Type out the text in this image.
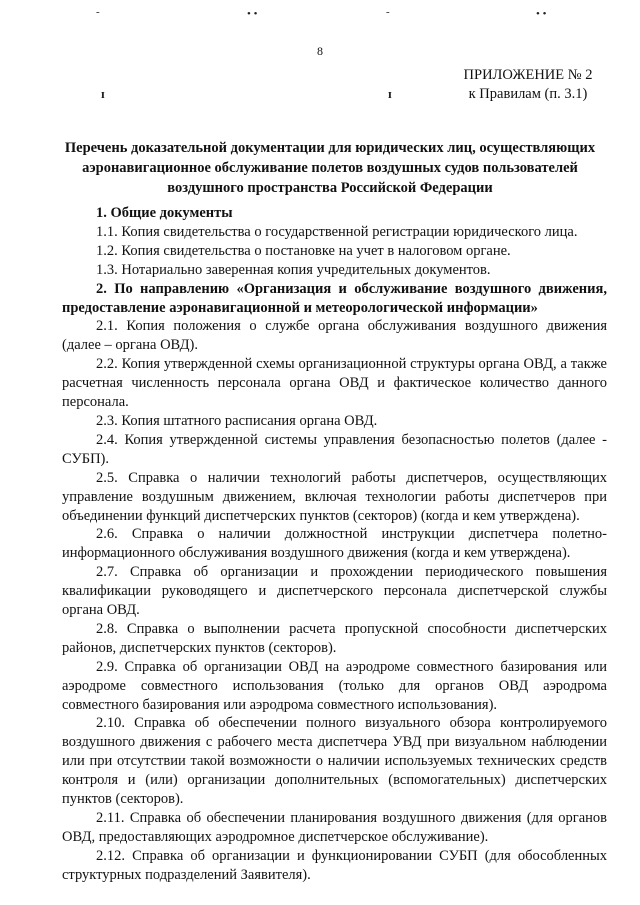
-	• •	-	• •
ɪ	ɪ
8
ПРИЛОЖЕНИЕ № 2
к Правилам (п. 3.1)
Перечень доказательной документации для юридических лиц, осуществляющих аэронавигационное обслуживание полетов воздушных судов пользователей воздушного пространства Российской Федерации

1. Общие документы

1.1. Копия свидетельства о государственной регистрации юридического лица.

1.2. Копия свидетельства о постановке на учет в налоговом органе.

1.3. Нотариально заверенная копия учредительных документов.

2. По направлению «Организация и обслуживание воздушного движения, предоставление аэронавигационной и метеорологической информации»

2.1. Копия положения о службе органа обслуживания воздушного движения (далее – органа ОВД).

2.2. Копия утвержденной схемы организационной структуры органа ОВД, а также расчетная численность персонала органа ОВД и фактическое количество данного персонала.

2.3. Копия штатного расписания органа ОВД.

2.4. Копия утвержденной системы управления безопасностью полетов (далее - СУБП).

2.5. Справка о наличии технологий работы диспетчеров, осуществляющих управление воздушным движением, включая технологии работы диспетчеров при объединении функций диспетчерских пунктов (секторов) (когда и кем утверждена).

2.6. Справка о наличии должностной инструкции диспетчера полетно-информационного обслуживания воздушного движения (когда и кем утверждена).

2.7. Справка об организации и прохождении периодического повышения квалификации руководящего и диспетчерского персонала диспетчерской службы органа ОВД.

2.8. Справка о выполнении расчета пропускной способности диспетчерских районов, диспетчерских пунктов (секторов).

2.9. Справка об организации ОВД на аэродроме совместного базирования или аэродроме совместного использования (только для органов ОВД аэродрома совместного базирования или аэродрома совместного использования).

2.10. Справка об обеспечении полного визуального обзора контролируемого воздушного движения с рабочего места диспетчера УВД при визуальном наблюдении или при отсутствии такой возможности о наличии используемых технических средств контроля и (или) организации дополнительных (вспомогательных) диспетчерских пунктов (секторов).

2.11. Справка об обеспечении планирования воздушного движения (для органов ОВД, предоставляющих аэродромное диспетчерское обслуживание).

2.12. Справка об организации и функционировании СУБП (для обособленных структурных подразделений Заявителя).
